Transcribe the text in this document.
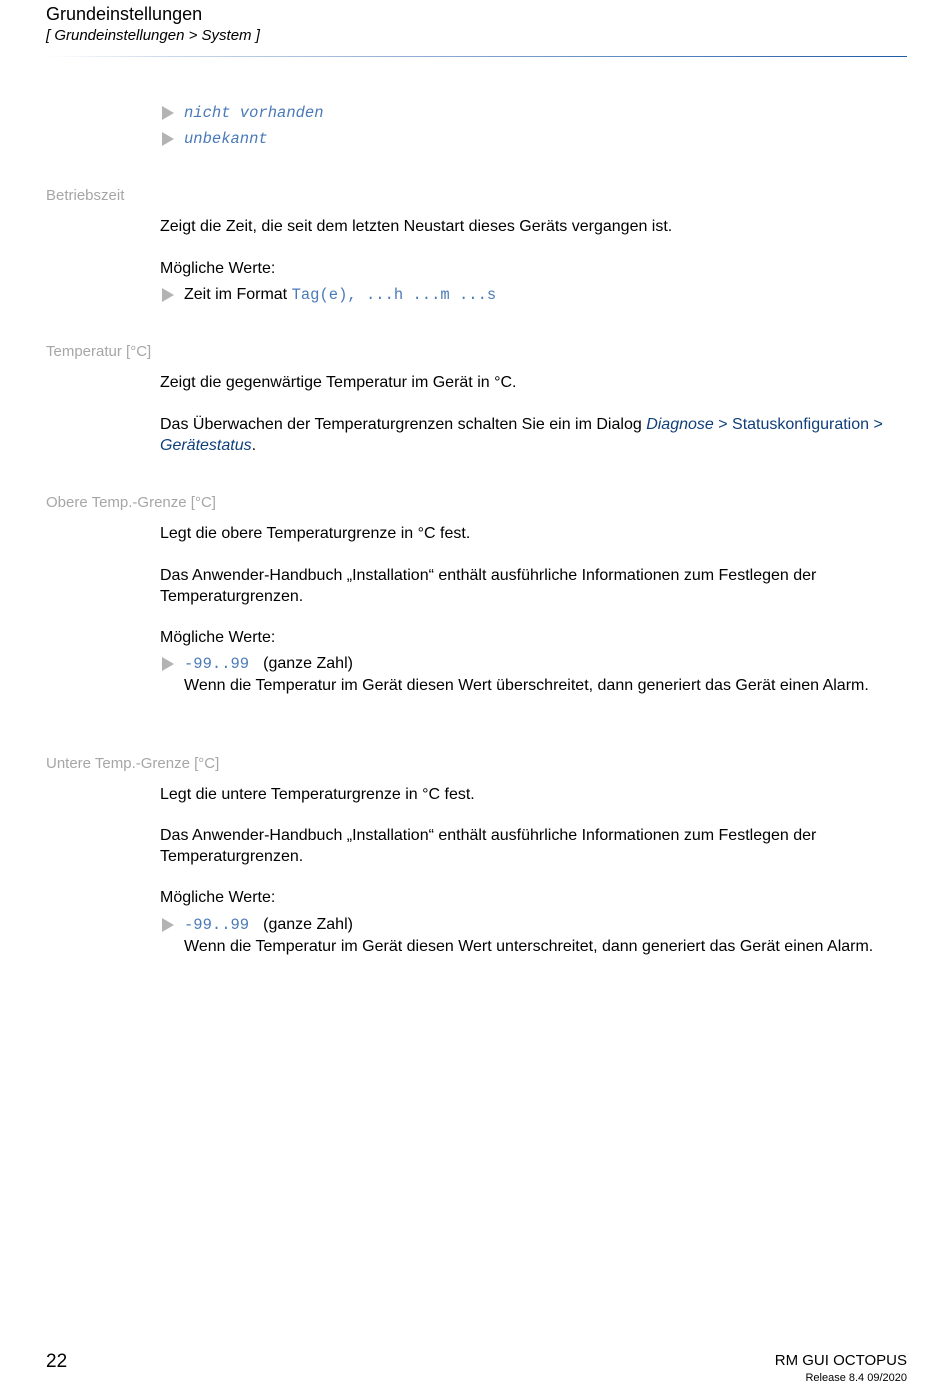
Grundeinstellungen
[ Grundeinstellungen > System ]
nicht vorhanden
unbekannt
Betriebszeit
Zeigt die Zeit, die seit dem letzten Neustart dieses Geräts vergangen ist.
Mögliche Werte:
Zeit im Format Tag(e), ...h ...m ...s
Temperatur [°C]
Zeigt die gegenwärtige Temperatur im Gerät in °C.
Das Überwachen der Temperaturgrenzen schalten Sie ein im Dialog Diagnose > Statuskonfiguration > Gerätestatus.
Obere Temp.-Grenze [°C]
Legt die obere Temperaturgrenze in °C fest.
Das Anwender-Handbuch „Installation“ enthält ausführliche Informationen zum Festlegen der Temperaturgrenzen.
Mögliche Werte:
-99..99 (ganze Zahl)
Wenn die Temperatur im Gerät diesen Wert überschreitet, dann generiert das Gerät einen Alarm.
Untere Temp.-Grenze [°C]
Legt die untere Temperaturgrenze in °C fest.
Das Anwender-Handbuch „Installation“ enthält ausführliche Informationen zum Festlegen der Temperaturgrenzen.
Mögliche Werte:
-99..99 (ganze Zahl)
Wenn die Temperatur im Gerät diesen Wert unterschreitet, dann generiert das Gerät einen Alarm.
22	RM GUI OCTOPUS
Release 8.4 09/2020
